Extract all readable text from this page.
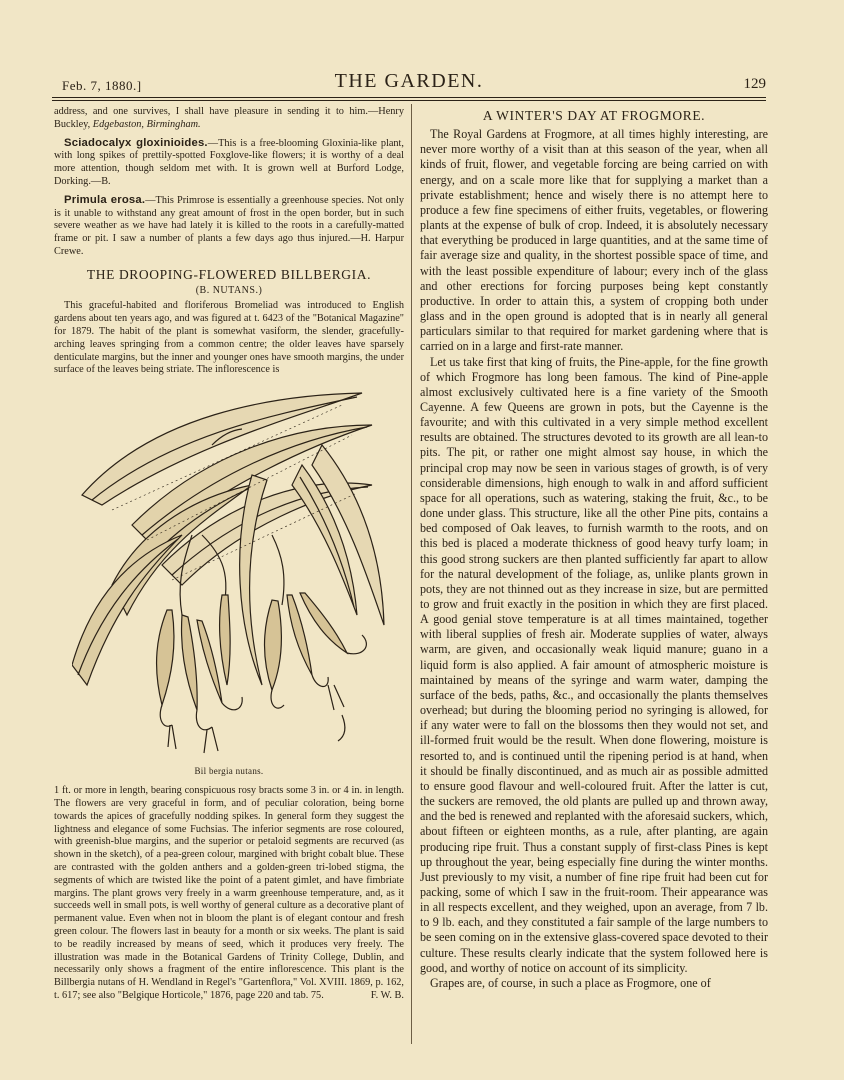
Feb. 7, 1880.]	THE GARDEN.	129

address, and one survives, I shall have pleasure in sending it to him.—Henry Buckley, Edgebaston, Birmingham.

Sciadocalyx gloxinioides.—This is a free-blooming Gloxinia-like plant, with long spikes of prettily-spotted Foxglove-like flowers; it is worthy of a deal more attention, though seldom met with. It is grown well at Burford Lodge, Dorking.—B.

Primula erosa.—This Primrose is essentially a greenhouse species. Not only is it unable to withstand any great amount of frost in the open border, but in such severe weather as we have had lately it is killed to the roots in a carefully-matted frame or pit. I saw a number of plants a few days ago thus injured.—H. Harpur Crewe.

THE DROOPING-FLOWERED BILLBERGIA.
(B. NUTANS.)

This graceful-habited and floriferous Bromeliad was introduced to English gardens about ten years ago, and was figured at t. 6423 of the "Botanical Magazine" for 1879. The habit of the plant is somewhat vasiform, the slender, gracefully-arching leaves springing from a common centre; the older leaves have sparsely denticulate margins, but the inner and younger ones have smooth margins, the under surface of the leaves being striate. The inflorescence is

Bil bergia nutans.

1 ft. or more in length, bearing conspicuous rosy bracts some 3 in. or 4 in. in length. The flowers are very graceful in form, and of peculiar coloration, being borne towards the apices of gracefully nodding spikes. In general form they suggest the lightness and elegance of some Fuchsias. The inferior segments are rose coloured, with greenish-blue margins, and the superior or petaloid segments are recurved (as shown in the sketch), of a pea-green colour, margined with bright cobalt blue. These are contrasted with the golden anthers and a golden-green tri-lobed stigma, the segments of which are twisted like the point of a patent gimlet, and have fimbriate margins. The plant grows very freely in a warm greenhouse temperature, and, as it succeeds well in small pots, is well worthy of general culture as a decorative plant of permanent value. Even when not in bloom the plant is of elegant contour and fresh green colour. The flowers last in beauty for a month or six weeks. The plant is said to be readily increased by means of seed, which it produces very freely. The illustration was made in the Botanical Gardens of Trinity College, Dublin, and necessarily only shows a fragment of the entire inflorescence. This plant is the Billbergia nutans of H. Wendland in Regel's "Gartenflora," Vol. XVIII. 1869, p. 162, t. 617; see also "Belgique Horticole," 1876, page 220 and tab. 75.	F. W. B.

A WINTER'S DAY AT FROGMORE.

The Royal Gardens at Frogmore, at all times highly interesting, are never more worthy of a visit than at this season of the year, when all kinds of fruit, flower, and vegetable forcing are being carried on with energy, and on a scale more like that for supplying a market than a private establishment; hence and wisely there is no attempt here to produce a few fine specimens of either fruits, vegetables, or flowering plants at the expense of bulk of crop. Indeed, it is absolutely necessary that everything be produced in large quantities, and at the same time of fair average size and quality, in the shortest possible space of time, and with the least possible expenditure of labour; every inch of the glass and other erections for forcing purposes being kept constantly productive. In order to attain this, a system of cropping both under glass and in the open ground is adopted that is in nearly all general particulars similar to that required for market gardening where that is carried on in a large and first-rate manner.

Let us take first that king of fruits, the Pine-apple, for the fine growth of which Frogmore has long been famous. The kind of Pine-apple almost exclusively cultivated here is a fine variety of the Smooth Cayenne. A few Queens are grown in pots, but the Cayenne is the favourite; and with this cultivated in a very simple method excellent results are obtained. The structures devoted to its growth are all lean-to pits. The pit, or rather one might almost say house, in which the principal crop may now be seen in various stages of growth, is of very considerable dimensions, high enough to walk in and afford sufficient space for all operations, such as watering, staking the fruit, &c., to be done under glass. This structure, like all the other Pine pits, contains a bed composed of Oak leaves, to furnish warmth to the roots, and on this bed is placed a moderate thickness of good heavy turfy loam; in this good strong suckers are then planted sufficiently far apart to allow for the natural development of the foliage, as, unlike plants grown in pots, they are not thinned out as they increase in size, but are permitted to grow and fruit exactly in the position in which they are first placed. A good genial stove temperature is at all times maintained, together with liberal supplies of fresh air. Moderate supplies of water, always warm, are given, and occasionally weak liquid manure; guano in a liquid form is also applied. A fair amount of atmospheric moisture is maintained by means of the syringe and warm water, damping the surface of the beds, paths, &c., and occasionally the plants themselves overhead; but during the blooming period no syringing is allowed, for if any water were to fall on the blossoms then they would not set, and ill-formed fruit would be the result. When done flowering, moisture is resorted to, and is continued until the ripening period is at hand, when it should be finally discontinued, and as much air as possible admitted to ensure good flavour and well-coloured fruit. After the latter is cut, the suckers are removed, the old plants are pulled up and thrown away, and the bed is renewed and replanted with the aforesaid suckers, which, about fifteen or eighteen months, as a rule, after planting, are again producing ripe fruit. Thus a constant supply of first-class Pines is kept up throughout the year, being especially fine during the winter months. Just previously to my visit, a number of fine ripe fruit had been cut for packing, some of which I saw in the fruit-room. Their appearance was in all respects excellent, and they weighed, upon an average, from 7 lb. to 9 lb. each, and they constituted a fair sample of the large numbers to be seen coming on in the extensive glass-covered space devoted to their culture. These results clearly indicate that the system followed here is good, and worthy of notice on account of its simplicity.

Grapes are, of course, in such a place as Frogmore, one of
